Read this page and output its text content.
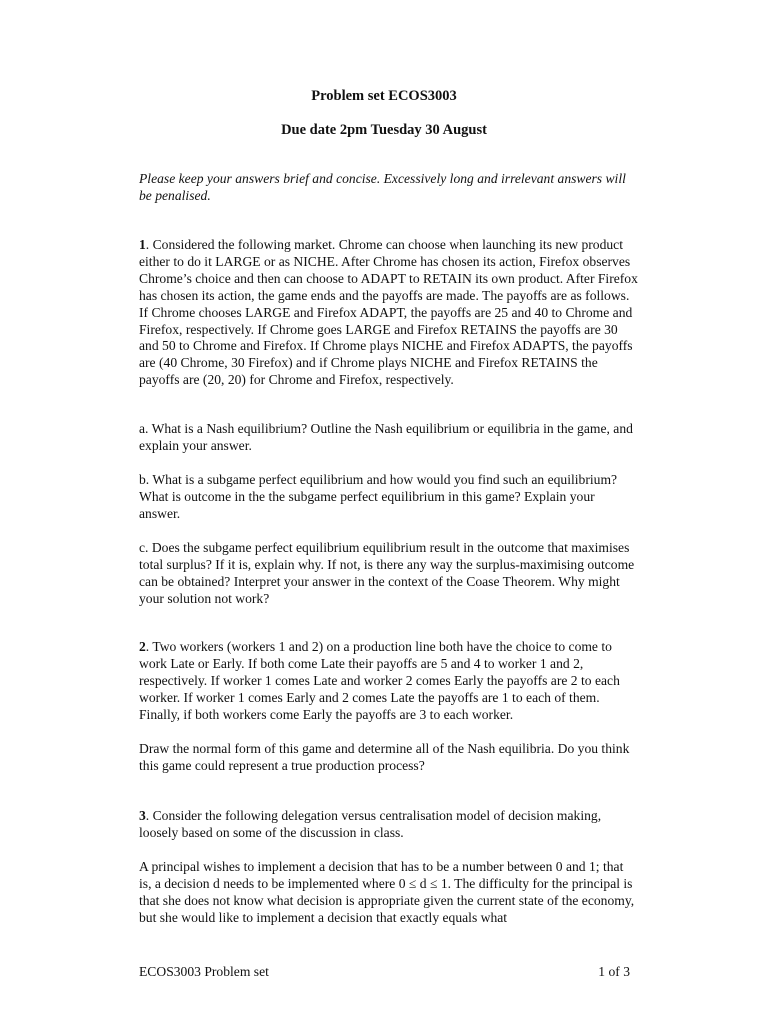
Problem set ECOS3003
Due date 2pm Tuesday 30 August
Please keep your answers brief and concise. Excessively long and irrelevant answers will be penalised.

1. Considered the following market. Chrome can choose when launching its new product either to do it LARGE or as NICHE. After Chrome has chosen its action, Firefox observes Chrome’s choice and then can choose to ADAPT to RETAIN its own product. After Firefox has chosen its action, the game ends and the payoffs are made. The payoffs are as follows. If Chrome chooses LARGE and Firefox ADAPT, the payoffs are 25 and 40 to Chrome and Firefox, respectively. If Chrome goes LARGE and Firefox RETAINS the payoffs are 30 and 50 to Chrome and Firefox. If Chrome plays NICHE and Firefox ADAPTS, the payoffs are (40 Chrome, 30 Firefox) and if Chrome plays NICHE and Firefox RETAINS the payoffs are (20, 20) for Chrome and Firefox, respectively.

a. What is a Nash equilibrium? Outline the Nash equilibrium or equilibria in the game, and explain your answer.
b. What is a subgame perfect equilibrium and how would you find such an equilibrium? What is outcome in the the subgame perfect equilibrium in this game? Explain your answer.
c. Does the subgame perfect equilibrium equilibrium result in the outcome that maximises total surplus? If it is, explain why. If not, is there any way the surplus-maximising outcome can be obtained? Interpret your answer in the context of the Coase Theorem. Why might your solution not work?

2. Two workers (workers 1 and 2) on a production line both have the choice to come to work Late or Early. If both come Late their payoffs are 5 and 4 to worker 1 and 2, respectively. If worker 1 comes Late and worker 2 comes Early the payoffs are 2 to each worker. If worker 1 comes Early and 2 comes Late the payoffs are 1 to each of them. Finally, if both workers come Early the payoffs are 3 to each worker.

Draw the normal form of this game and determine all of the Nash equilibria. Do you think this game could represent a true production process?

3. Consider the following delegation versus centralisation model of decision making, loosely based on some of the discussion in class.

A principal wishes to implement a decision that has to be a number between 0 and 1; that is, a decision d needs to be implemented where 0 ≤ d ≤ 1. The difficulty for the principal is that she does not know what decision is appropriate given the current state of the economy, but she would like to implement a decision that exactly equals what
ECOS3003 Problem set	1 of 3
